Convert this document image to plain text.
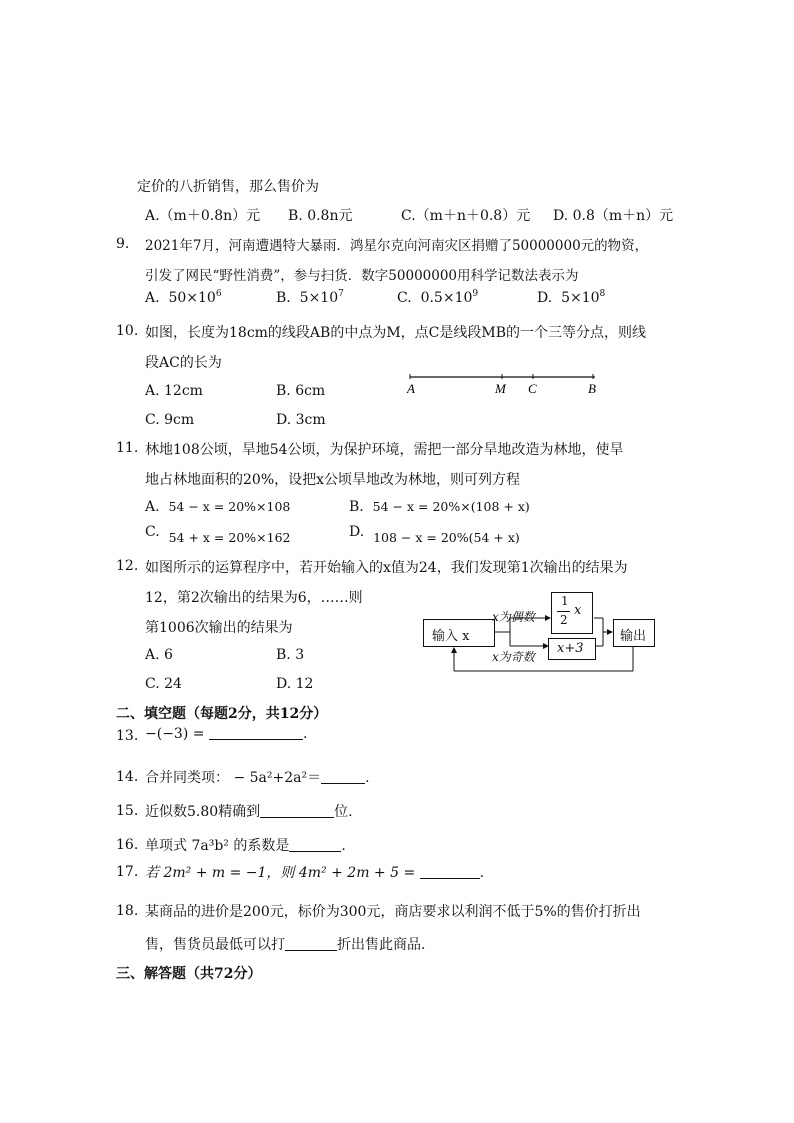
定价的八折销售，那么售价为
A.（m＋0.8n）元 B. 0.8n元	C.（m＋n＋0.8）元 D. 0.8（m＋n）元
9. 2021年7月，河南遭遇特大暴雨．鸿星尔克向河南灾区捐赠了50000000元的物资，
引发了网民“野性消费”，参与扫货．数字50000000用科学记数法表示为
A. $50\times 10^6$	B. $5\times 10^7$	C. $0.5\times 10^9$	D. $5\times 10^8$
10. 如图，长度为18cm的线段AB的中点为M，点C是线段MB的一个三等分点，则线
段AC的长为
A. 12cm	B. 6cm
C. 9cm	D. 3cm
A	M C	B
11. 林地108公顷，旱地54公顷，为保护环境，需把一部分旱地改造为林地，使旱
地占林地面积的20%，设把x公顷旱地改为林地，则可列方程
A. 54 − x = 20%×108	B. 54 − x = 20%×(108 + x)
C. 54 + x = 20%×162	D. 108 − x = 20%(54 + x)
12. 如图所示的运算程序中，若开始输入的x值为24，我们发现第1次输出的结果为
12，第2次输出的结果为6，……则
第1006次输出的结果为
A. 6	B. 3
C. 24	D. 12
输入 x
x为偶数
x为奇数
1
2
x
x+3
输出
二、填空题（每题2分，共12分）
13. −(−3) =	.
14. 合并同类项： − 5a²+2a²＝	.
15. 近似数5.80精确到	位.
16. 单项式 7a³b² 的系数是	.
17. 若 2m² + m = −1，则 4m² + 2m + 5 =	.
18. 某商品的进价是200元，标价为300元，商店要求以利润不低于5%的售价打折出
售，售货员最低可以打	折出售此商品.
三、解答题（共72分）
